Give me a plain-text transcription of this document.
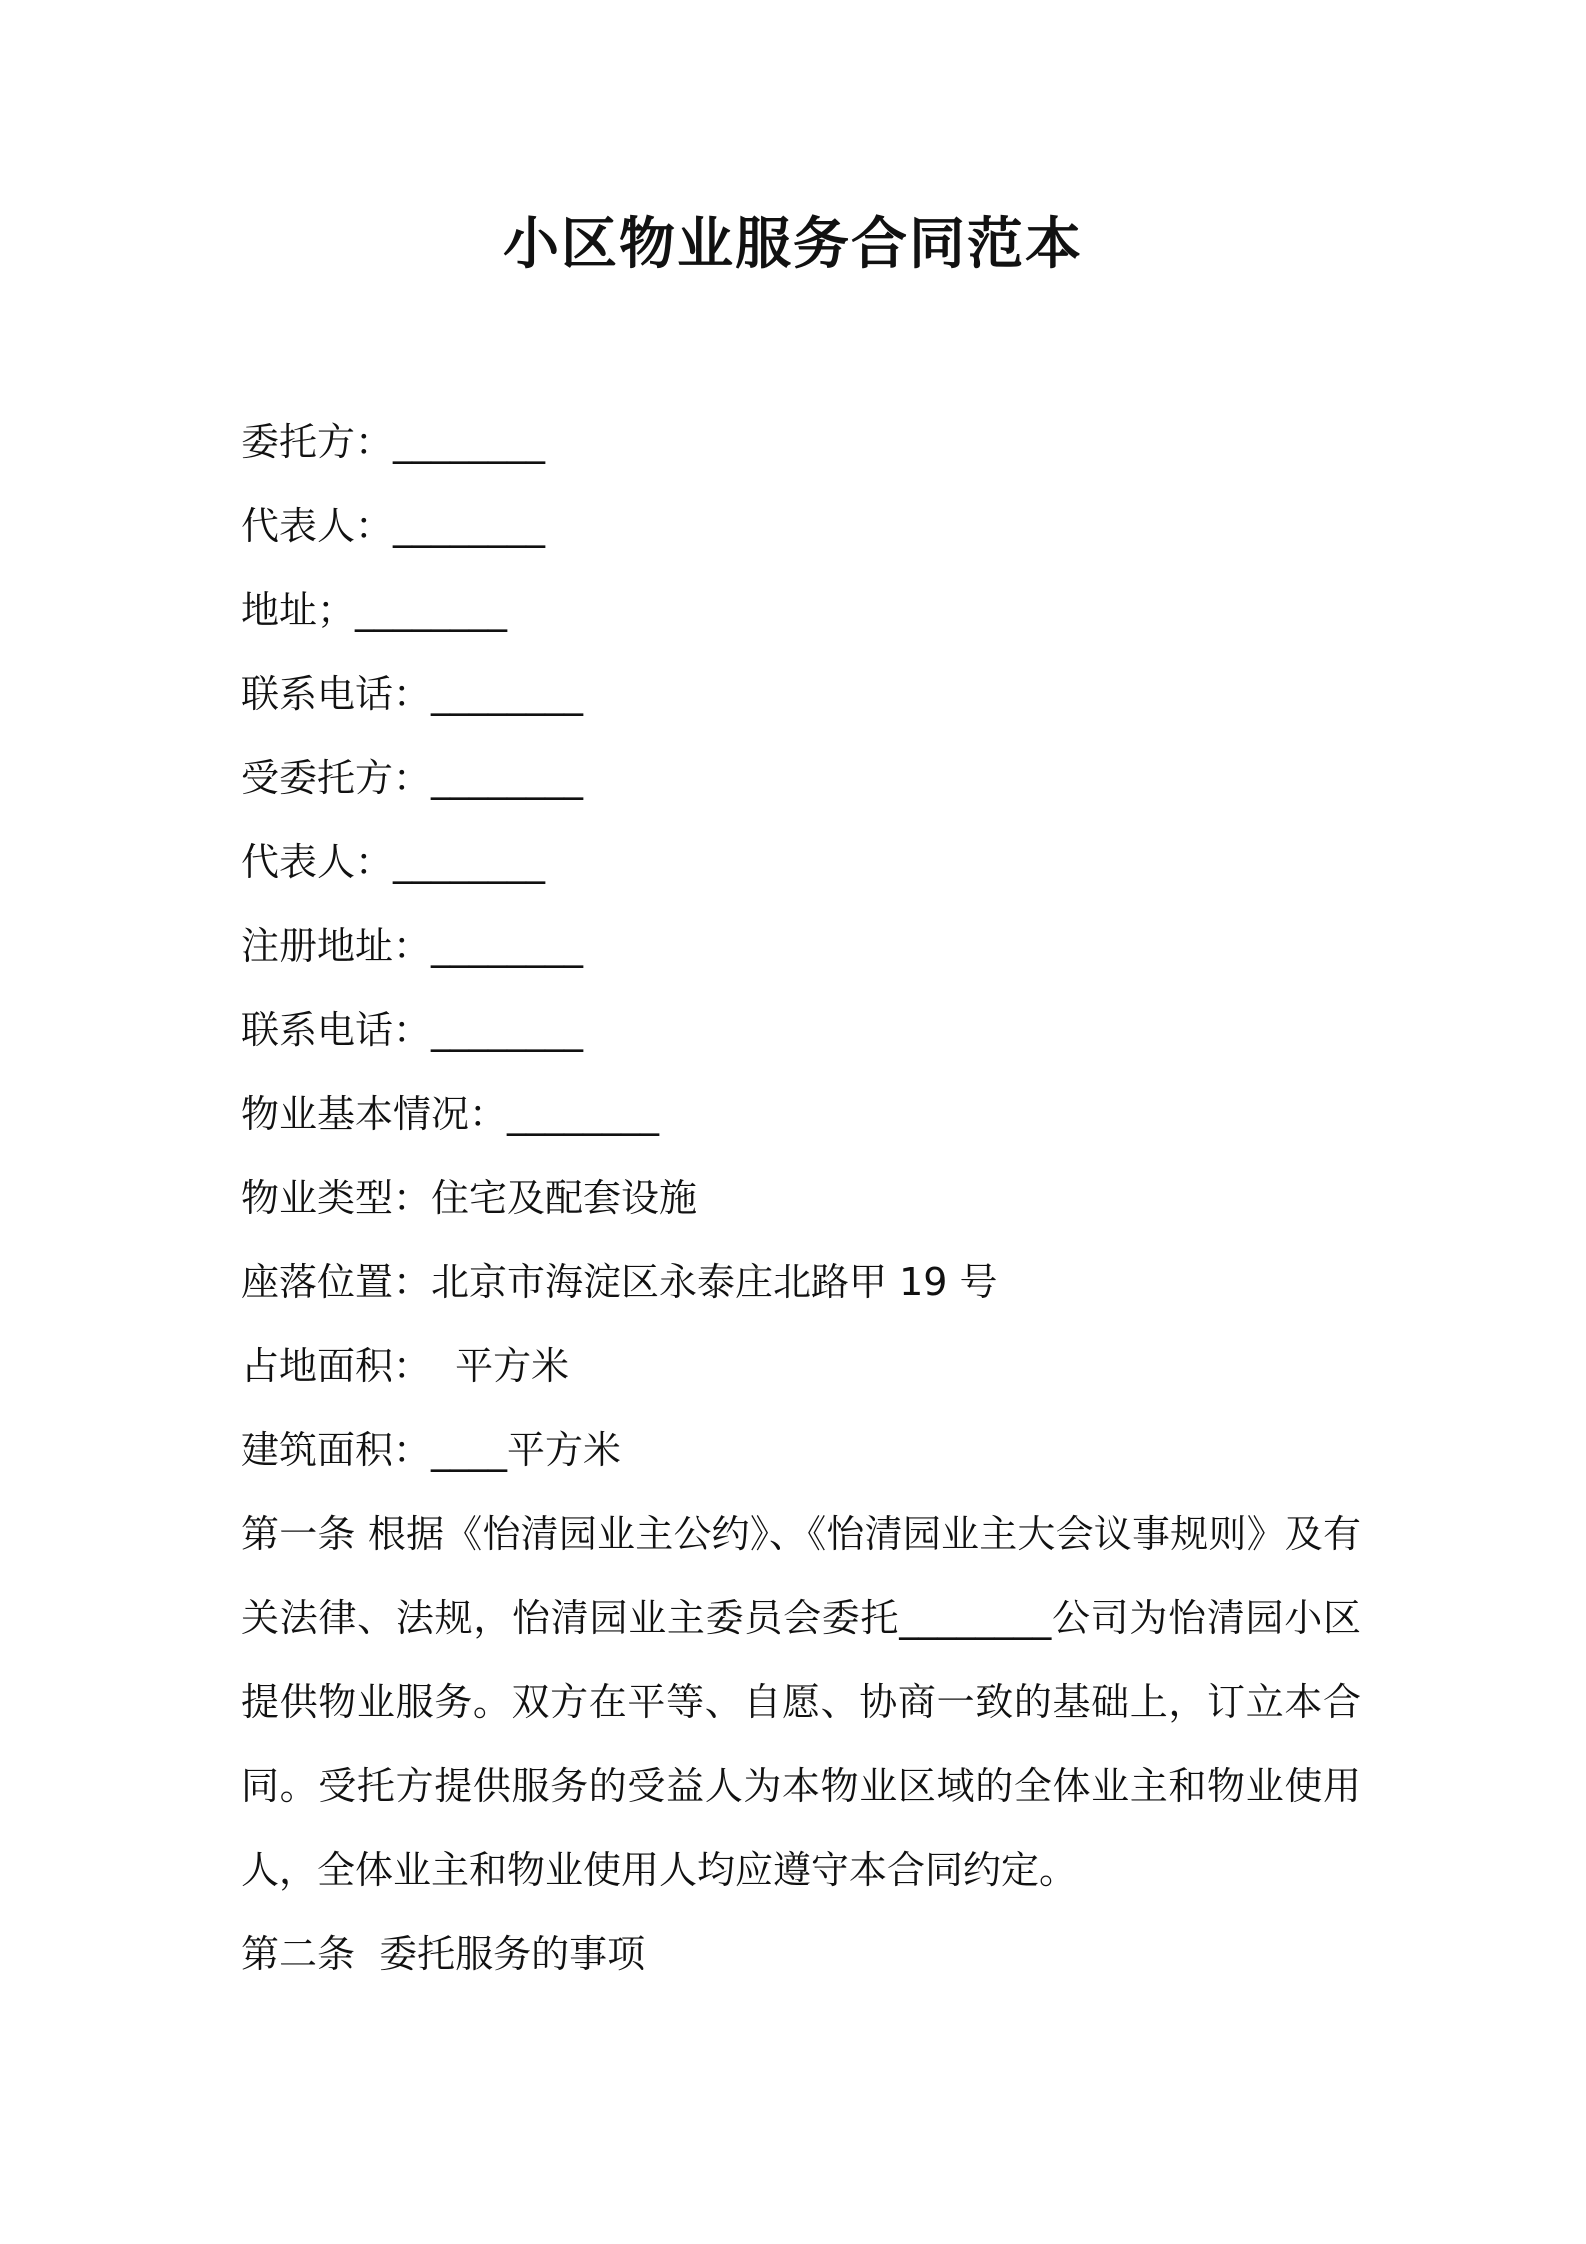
小区物业服务合同范本
委托方：________
代表人：________
地址；________
联系电话：________
受委托方：________
代表人：________
注册地址：________
联系电话：________
物业基本情况：________
物业类型：住宅及配套设施
座落位置：北京市海淀区永泰庄北路甲 19 号
占地面积：  平方米
建筑面积：____平方米
第一条 根据《怡清园业主公约》、《怡清园业主大会议事规则》及有关法律、法规，怡清园业主委员会委托________公司为怡清园小区提供物业服务。双方在平等、自愿、协商一致的基础上，订立本合同。受托方提供服务的受益人为本物业区域的全体业主和物业使用人，全体业主和物业使用人均应遵守本合同约定。
第二条  委托服务的事项
